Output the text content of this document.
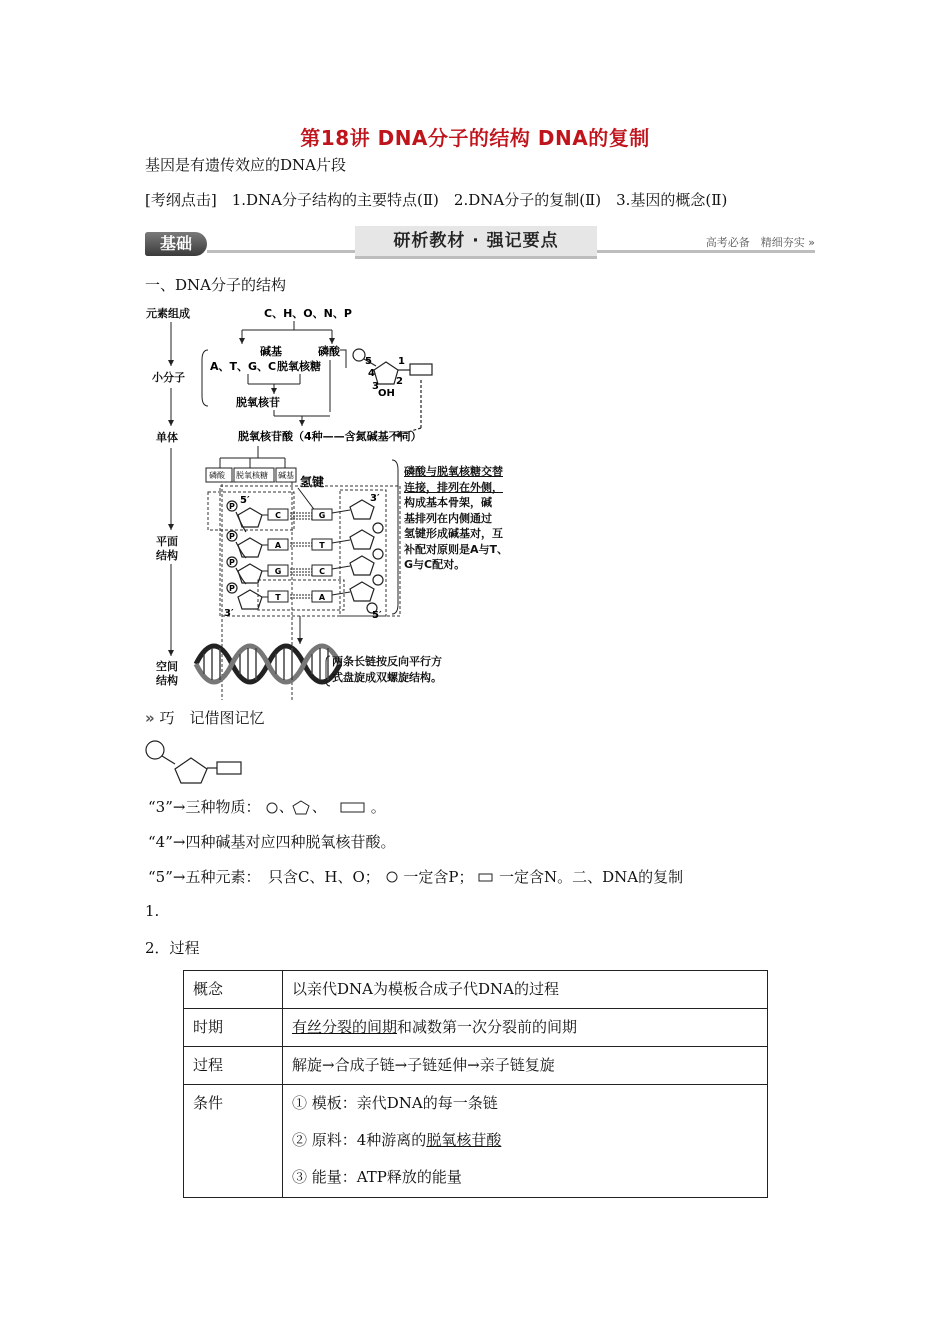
第18讲 DNA分子的结构 DNA的复制
基因是有遗传效应的DNA片段
[考纲点击]　1.DNA分子结构的主要特点(Ⅱ)　2.DNA分子的复制(Ⅱ)　3.基因的概念(Ⅱ)
基础	研析教材 · 强记要点	高考必备　精细夯实 »
一、DNA分子的结构
元素组成
小分子
单体
平面
结构
空间
结构
C、H、O、N、P
碱基	磷酸
A、T、G、C 脱氧核糖
脱氧核苷
脱氧核苷酸（4种——含氮碱基不同）
5
4
1
3 2
OH
磷酸 脱氧核糖 碱基 氢键
P
P
P
P
5′
3′
3′
5′
C	G
A	T
G	C
T	A
磷酸与脱氧核糖交替
连接，排列在外侧，
构成基本骨架，碱
基排列在内侧通过
氢键形成碱基对，互
补配对原则是A与T、
G与C配对。
两条长链按反向平行方
式盘旋成双螺旋结构。
» 巧　记借图记忆
“3”→三种物质： 、 、	。
“4”→四种碱基对应四种脱氧核苷酸。
“5”→五种元素：　只含C、H、O； 一定含P； 一定含N。二、DNA的复制
1.
2．过程
概念	以亲代DNA为模板合成子代DNA的过程
时期	有丝分裂的间期和减数第一次分裂前的间期
过程	解旋→合成子链→子链延伸→亲子链复旋
条件	① 模板：亲代DNA的每一条链
② 原料：4种游离的脱氧核苷酸
③ 能量：ATP释放的能量
